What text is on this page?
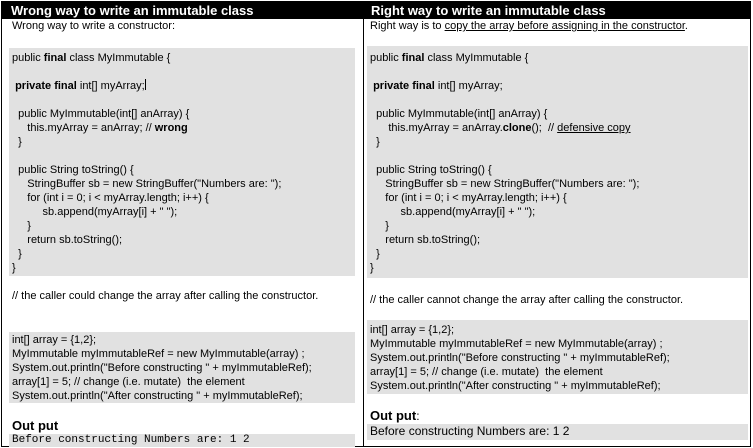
Wrong way to write an immutable class
Wrong way to write a constructor:
public final class MyImmutable {
private final int[] myArray;
public MyImmutable(int[] anArray) {
this.myArray = anArray; // wrong
}
public String toString() {
StringBuffer sb = new StringBuffer("Numbers are: ");
for (int i = 0; i < myArray.length; i++) {
sb.append(myArray[i] + " ");
}
return sb.toString();
}
}
// the caller could change the array after calling the constructor.
int[] array = {1,2};
MyImmutable myImmutableRef = new MyImmutable(array) ;
System.out.println("Before constructing " + myImmutableRef);
array[1] = 5; // change (i.e. mutate)  the element
System.out.println("After constructing " + myImmutableRef);
Out put
Before constructing Numbers are: 1 2
Right way to write an immutable class
Right way is to copy the array before assigning in the constructor.
public final class MyImmutable {
private final int[] myArray;
public MyImmutable(int[] anArray) {
this.myArray = anArray.clone();  // defensive copy
}
public String toString() {
StringBuffer sb = new StringBuffer("Numbers are: ");
for (int i = 0; i < myArray.length; i++) {
sb.append(myArray[i] + " ");
}
return sb.toString();
}
}
// the caller cannot change the array after calling the constructor.
int[] array = {1,2};
MyImmutable myImmutableRef = new MyImmutable(array) ;
System.out.println("Before constructing " + myImmutableRef);
array[1] = 5; // change (i.e. mutate)  the element
System.out.println("After constructing " + myImmutableRef);
Out put:
Before constructing Numbers are: 1 2
